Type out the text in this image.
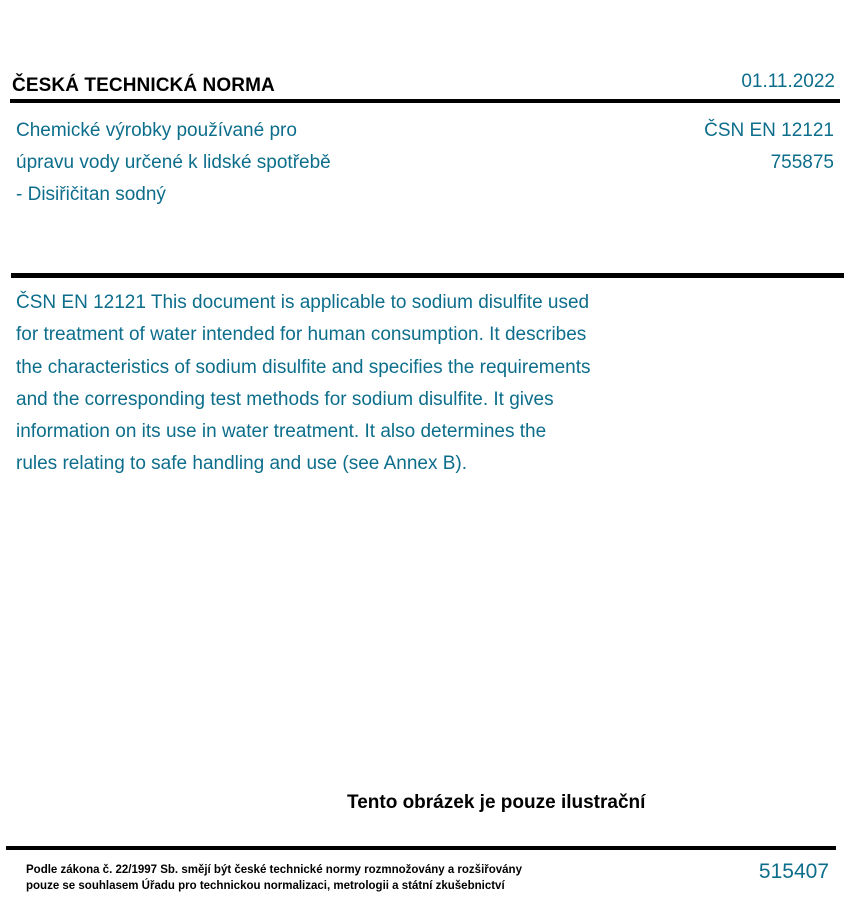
ČESKÁ TECHNICKÁ NORMA	01.11.2022
Chemické výrobky používané pro
úpravu vody určené k lidské spotřebě
- Disiřičitan sodný
ČSN EN 12121
755875
ČSN EN 12121 This document is applicable to sodium disulfite used
for treatment of water intended for human consumption. It describes
the characteristics of sodium disulfite and specifies the requirements
and the corresponding test methods for sodium disulfite. It gives
information on its use in water treatment. It also determines the
rules relating to safe handling and use (see Annex B).
Tento obrázek je pouze ilustrační
Podle zákona č. 22/1997 Sb. smějí být české technické normy rozmnožovány a rozšiřovány
pouze se souhlasem Úřadu pro technickou normalizaci, metrologii a státní zkušebnictví
515407
